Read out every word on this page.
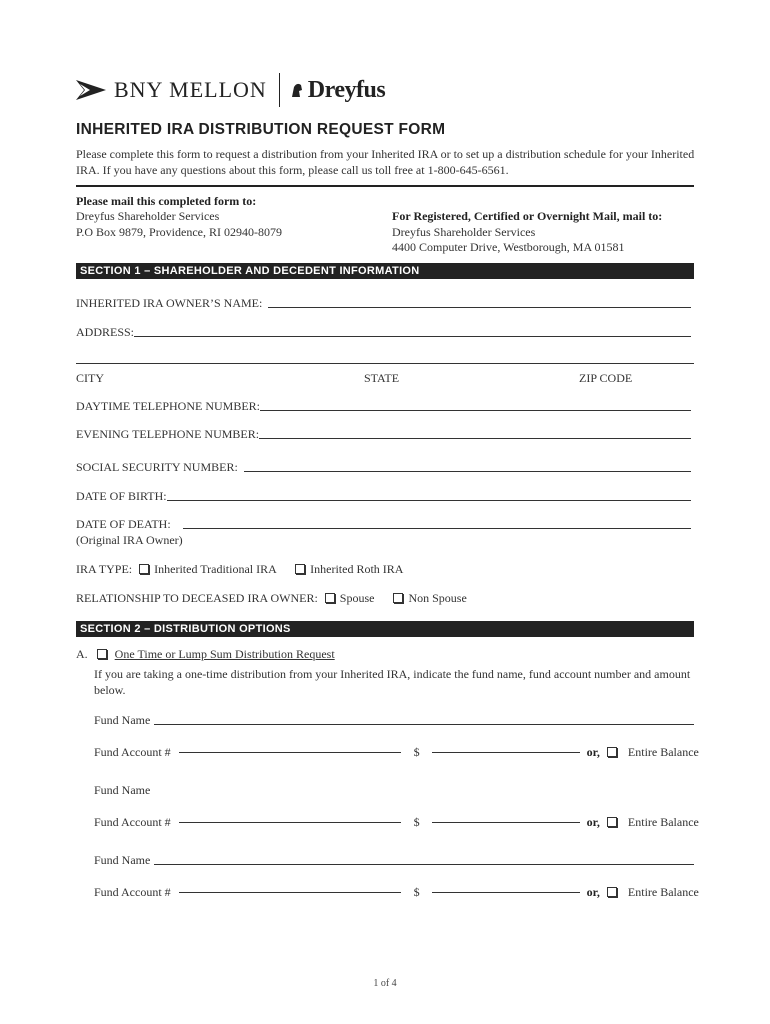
BNY MELLON Dreyfus
INHERITED IRA DISTRIBUTION REQUEST FORM
Please complete this form to request a distribution from your Inherited IRA or to set up a distribution schedule for your Inherited IRA. If you have any questions about this form, please call us toll free at 1-800-645-6561.
Please mail this completed form to:
Dreyfus Shareholder Services
P.O Box 9879, Providence, RI 02940-8079
For Registered, Certified or Overnight Mail, mail to:
Dreyfus Shareholder Services
4400 Computer Drive, Westborough, MA 01581
SECTION 1 – SHAREHOLDER AND DECEDENT INFORMATION
INHERITED IRA OWNER’S NAME:
ADDRESS:
CITY	STATE	ZIP CODE
DAYTIME TELEPHONE NUMBER:
EVENING TELEPHONE NUMBER:
SOCIAL SECURITY NUMBER:
DATE OF BIRTH:
DATE OF DEATH:
(Original IRA Owner)
IRA TYPE: Inherited Traditional IRA	Inherited Roth IRA
RELATIONSHIP TO DECEASED IRA OWNER: Spouse	Non Spouse
SECTION 2 – DISTRIBUTION OPTIONS
A. One Time or Lump Sum Distribution Request
If you are taking a one-time distribution from your Inherited IRA, indicate the fund name, fund account number and amount below.
Fund Name
Fund Account #	$	or, Entire Balance
Fund Name
Fund Account #	$	or, Entire Balance
Fund Name
Fund Account #	$	or, Entire Balance
1 of 4
